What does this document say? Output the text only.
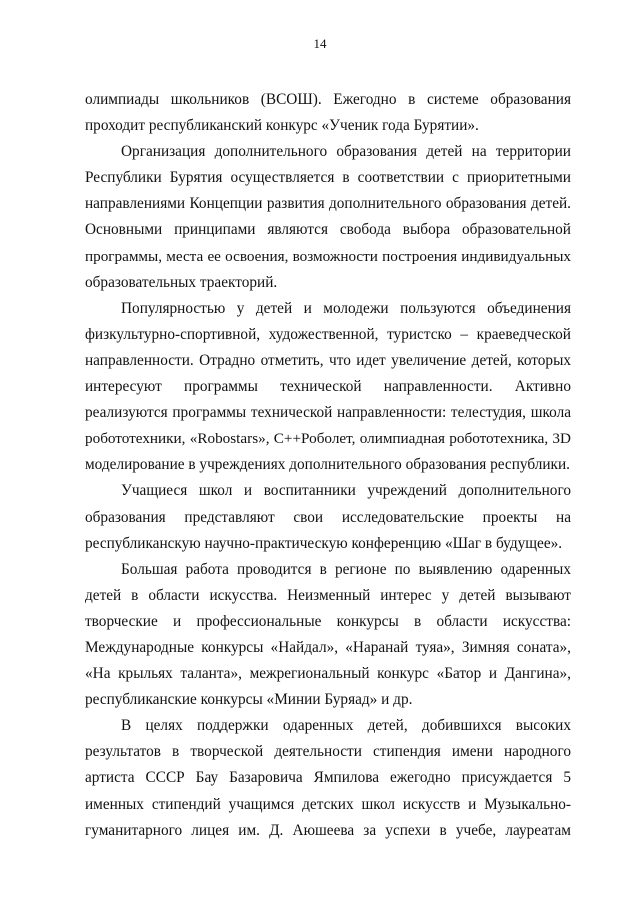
14
олимпиады школьников (ВСОШ). Ежегодно в системе образования
проходит республиканский конкурс «Ученик года Бурятии».
Организация дополнительного образования детей на территории
Республики Бурятия осуществляется в соответствии с приоритетными
направлениями Концепции развития дополнительного образования детей.
Основными принципами являются свобода выбора образовательной
программы, места ее освоения, возможности построения индивидуальных
образовательных траекторий.
Популярностью у детей и молодежи пользуются объединения
физкультурно-спортивной, художественной, туристско – краеведческой
направленности. Отрадно отметить, что идет увеличение детей, которых
интересуют программы технической направленности. Активно
реализуются программы технической направленности: телестудия, школа
робототехники, «Robostars», С++Роболет, олимпиадная робототехника, 3D
моделирование в учреждениях дополнительного образования республики.
Учащиеся школ и воспитанники учреждений дополнительного
образования представляют свои исследовательские проекты на
республиканскую научно-практическую конференцию «Шаг в будущее».
Большая работа проводится в регионе по выявлению одаренных
детей в области искусства. Неизменный интерес у детей вызывают
творческие и профессиональные конкурсы в области искусства:
Международные конкурсы «Найдал», «Наранай туяа», Зимняя соната»,
«На крыльях таланта», межрегиональный конкурс «Батор и Дангина»,
республиканские конкурсы «Минии Буряад» и др.
В целях поддержки одаренных детей, добившихся высоких
результатов в творческой деятельности стипендия имени народного
артиста СССР Бау Базаровича Ямпилова ежегодно присуждается 5
именных стипендий учащимся детских школ искусств и Музыкально-
гуманитарного лицея им. Д. Аюшеева за успехи в учебе, лауреатам
